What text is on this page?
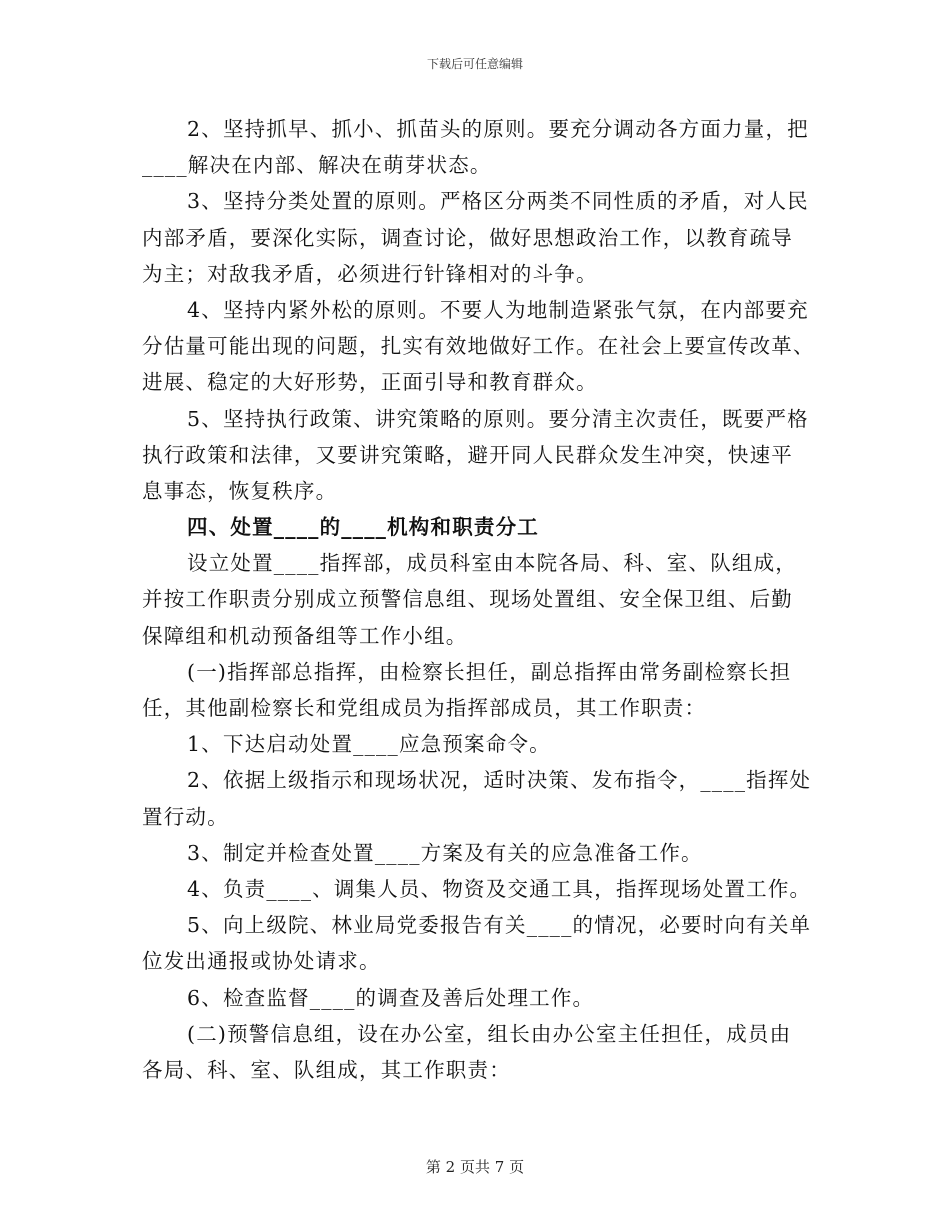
下载后可任意编辑
2、坚持抓早、抓小、抓苗头的原则。要充分调动各方面力量，把
____解决在内部、解决在萌芽状态。
3、坚持分类处置的原则。严格区分两类不同性质的矛盾，对人民
内部矛盾，要深化实际，调查讨论，做好思想政治工作，以教育疏导
为主；对敌我矛盾，必须进行针锋相对的斗争。
4、坚持内紧外松的原则。不要人为地制造紧张气氛，在内部要充
分估量可能出现的问题，扎实有效地做好工作。在社会上要宣传改革、
进展、稳定的大好形势，正面引导和教育群众。
5、坚持执行政策、讲究策略的原则。要分清主次责任，既要严格
执行政策和法律，又要讲究策略，避开同人民群众发生冲突，快速平
息事态，恢复秩序。
四、处置____的____机构和职责分工
设立处置____指挥部，成员科室由本院各局、科、室、队组成，
并按工作职责分别成立预警信息组、现场处置组、安全保卫组、后勤
保障组和机动预备组等工作小组。
(一)指挥部总指挥，由检察长担任，副总指挥由常务副检察长担
任，其他副检察长和党组成员为指挥部成员，其工作职责：
1、下达启动处置____应急预案命令。
2、依据上级指示和现场状况，适时决策、发布指令，____指挥处
置行动。
3、制定并检查处置____方案及有关的应急准备工作。
4、负责____、调集人员、物资及交通工具，指挥现场处置工作。
5、向上级院、林业局党委报告有关____的情况，必要时向有关单
位发出通报或协处请求。
6、检查监督____的调查及善后处理工作。
(二)预警信息组，设在办公室，组长由办公室主任担任，成员由
各局、科、室、队组成，其工作职责：
第 2 页共 7 页
